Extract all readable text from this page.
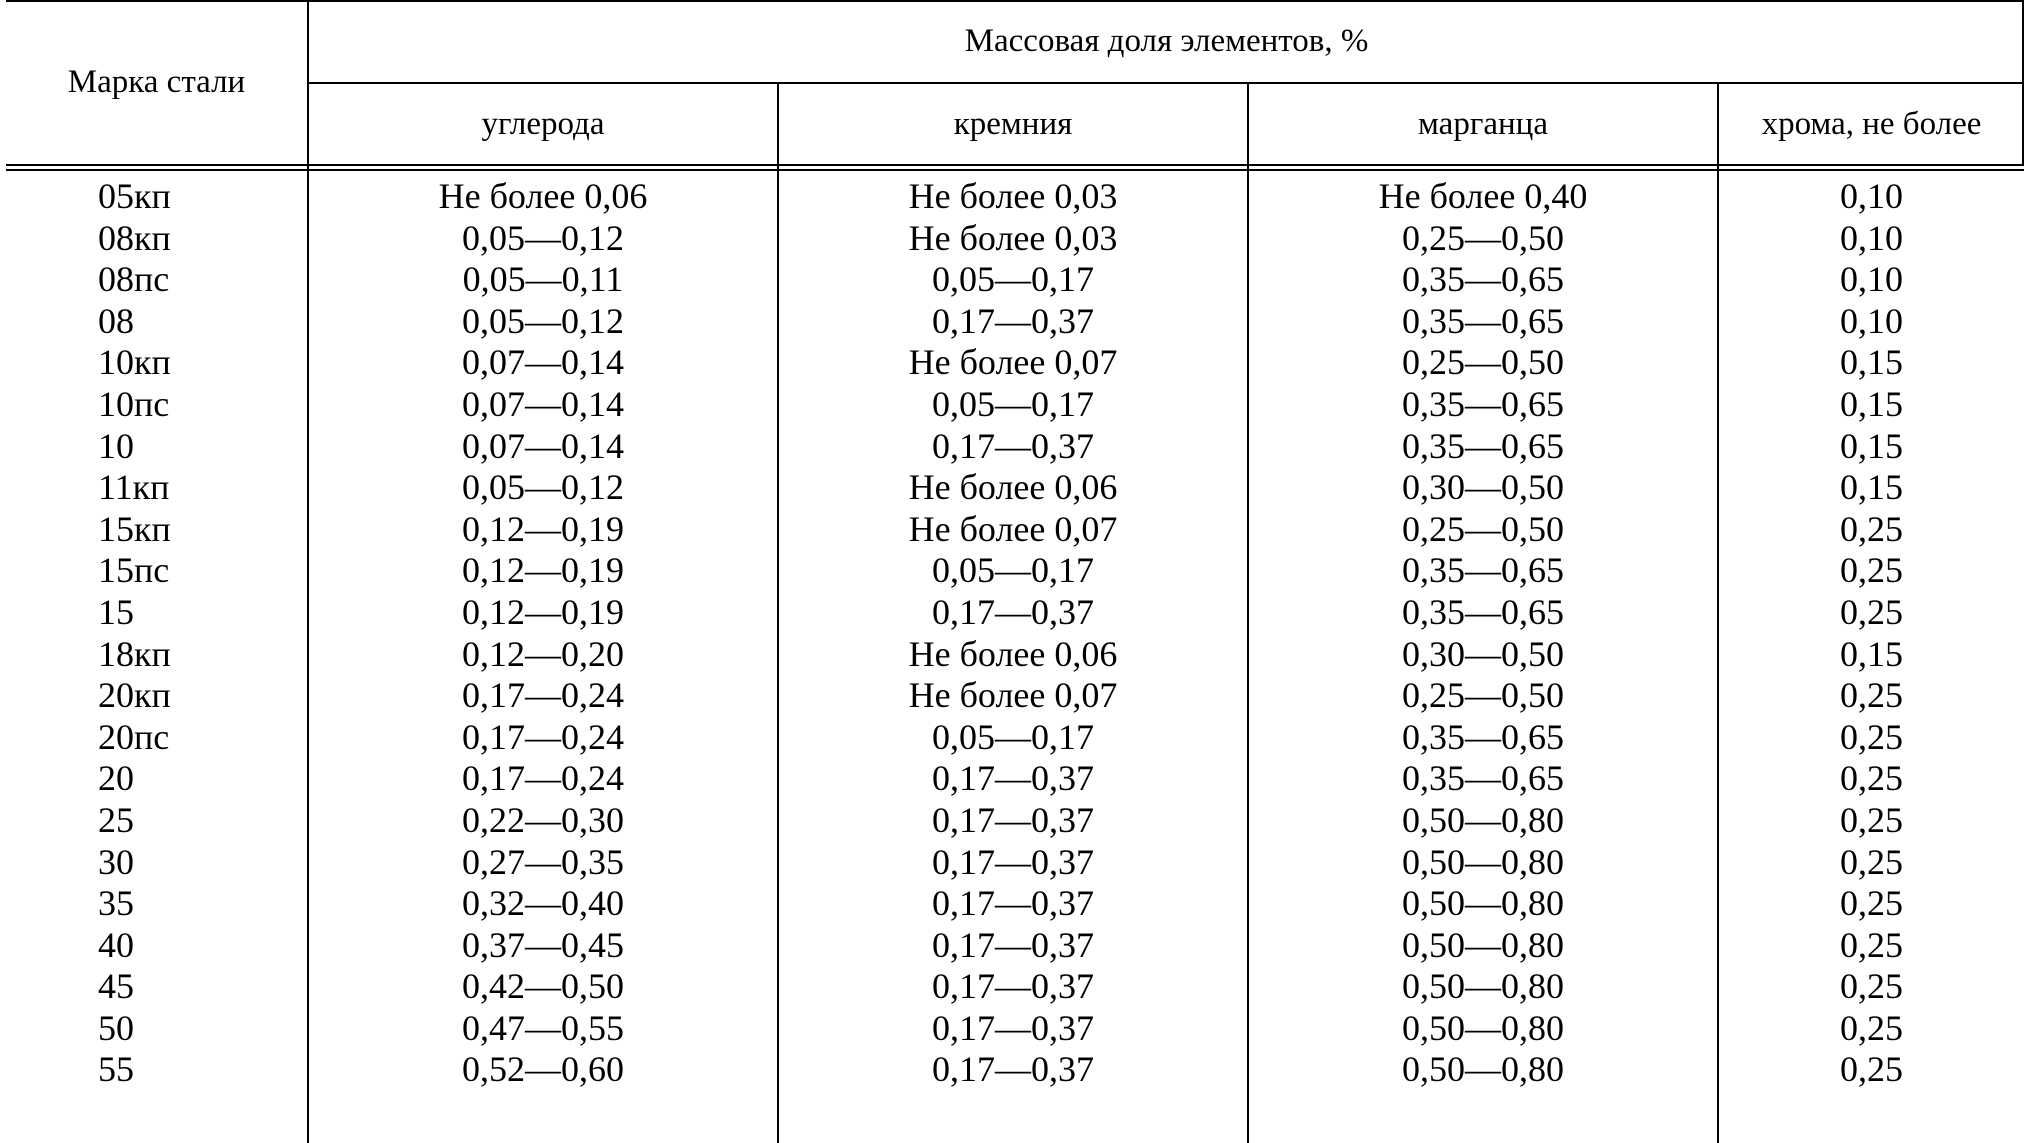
Марка стали
Массовая доля элементов, %
углерода	кремния	марганца	хрома, не более
05кп	Не более 0,06	Не более 0,03	Не более 0,40	0,10
08кп	0,05—0,12	Не более 0,03	0,25—0,50	0,10
08пс	0,05—0,11	0,05—0,17	0,35—0,65	0,10
08	0,05—0,12	0,17—0,37	0,35—0,65	0,10
10кп	0,07—0,14	Не более 0,07	0,25—0,50	0,15
10пс	0,07—0,14	0,05—0,17	0,35—0,65	0,15
10	0,07—0,14	0,17—0,37	0,35—0,65	0,15
11кп	0,05—0,12	Не более 0,06	0,30—0,50	0,15
15кп	0,12—0,19	Не более 0,07	0,25—0,50	0,25
15пс	0,12—0,19	0,05—0,17	0,35—0,65	0,25
15	0,12—0,19	0,17—0,37	0,35—0,65	0,25
18кп	0,12—0,20	Не более 0,06	0,30—0,50	0,15
20кп	0,17—0,24	Не более 0,07	0,25—0,50	0,25
20пс	0,17—0,24	0,05—0,17	0,35—0,65	0,25
20	0,17—0,24	0,17—0,37	0,35—0,65	0,25
25	0,22—0,30	0,17—0,37	0,50—0,80	0,25
30	0,27—0,35	0,17—0,37	0,50—0,80	0,25
35	0,32—0,40	0,17—0,37	0,50—0,80	0,25
40	0,37—0,45	0,17—0,37	0,50—0,80	0,25
45	0,42—0,50	0,17—0,37	0,50—0,80	0,25
50	0,47—0,55	0,17—0,37	0,50—0,80	0,25
55	0,52—0,60	0,17—0,37	0,50—0,80	0,25
